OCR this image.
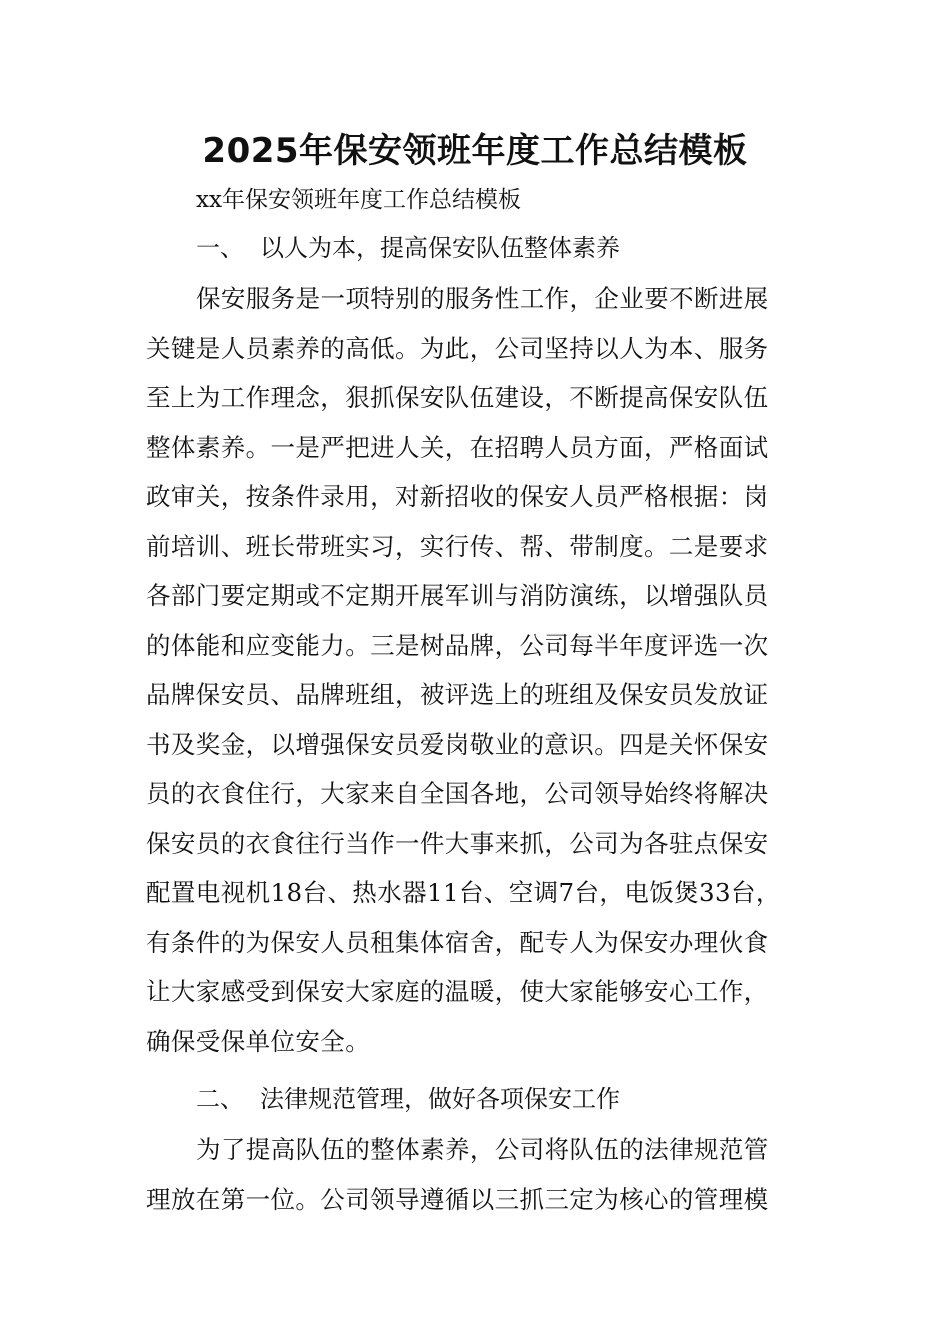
2025年保安领班年度工作总结模板
xx年保安领班年度工作总结模板
一、 以人为本，提高保安队伍整体素养
保安服务是一项特别的服务性工作，企业要不断进展
关键是人员素养的高低。为此，公司坚持以人为本、服务
至上为工作理念，狠抓保安队伍建设，不断提高保安队伍
整体素养。一是严把进人关，在招聘人员方面，严格面试
政审关，按条件录用，对新招收的保安人员严格根据：岗
前培训、班长带班实习，实行传、帮、带制度。二是要求
各部门要定期或不定期开展军训与消防演练，以增强队员
的体能和应变能力。三是树品牌，公司每半年度评选一次
品牌保安员、品牌班组，被评选上的班组及保安员发放证
书及奖金，以增强保安员爱岗敬业的意识。四是关怀保安
员的衣食住行，大家来自全国各地，公司领导始终将解决
保安员的衣食往行当作一件大事来抓，公司为各驻点保安
配置电视机18台、热水器11台、空调7台，电饭煲33台，
有条件的为保安人员租集体宿舍，配专人为保安办理伙食
让大家感受到保安大家庭的温暖，使大家能够安心工作，
确保受保单位安全。
二、 法律规范管理，做好各项保安工作
为了提高队伍的整体素养，公司将队伍的法律规范管
理放在第一位。公司领导遵循以三抓三定为核心的管理模
